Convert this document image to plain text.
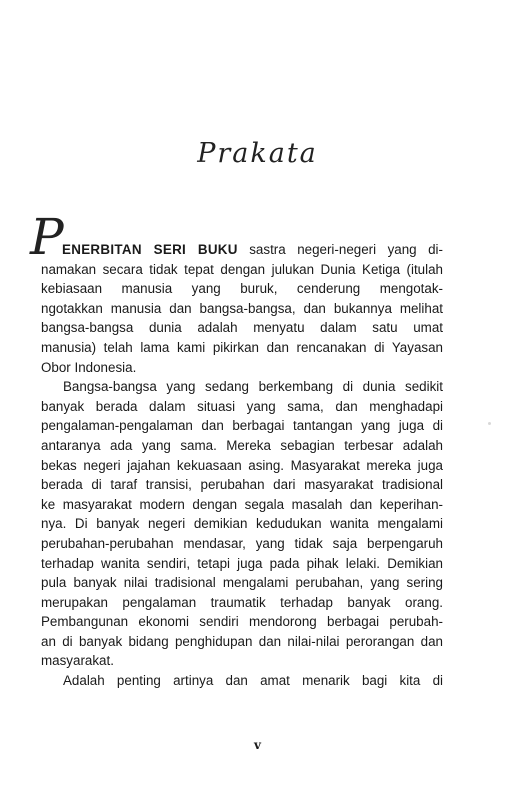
Prakata
P

ENERBITAN SERI BUKU sastra negeri-negeri yang di-
namakan secara tidak tepat dengan julukan Dunia Ketiga (itulah
kebiasaan manusia yang buruk, cenderung mengotak-
ngotakkan manusia dan bangsa-bangsa, dan bukannya melihat
bangsa-bangsa dunia adalah menyatu dalam satu umat
manusia) telah lama kami pikirkan dan rencanakan di Yayasan
Obor Indonesia.

Bangsa-bangsa yang sedang berkembang di dunia sedikit
banyak berada dalam situasi yang sama, dan menghadapi
pengalaman-pengalaman dan berbagai tantangan yang juga di
antaranya ada yang sama. Mereka sebagian terbesar adalah
bekas negeri jajahan kekuasaan asing. Masyarakat mereka juga
berada di taraf transisi, perubahan dari masyarakat tradisional
ke masyarakat modern dengan segala masalah dan keperihan-
nya. Di banyak negeri demikian kedudukan wanita mengalami
perubahan-perubahan mendasar, yang tidak saja berpengaruh
terhadap wanita sendiri, tetapi juga pada pihak lelaki. Demikian
pula banyak nilai tradisional mengalami perubahan, yang sering
merupakan pengalaman traumatik terhadap banyak orang.
Pembangunan ekonomi sendiri mendorong berbagai perubah-
an di banyak bidang penghidupan dan nilai-nilai perorangan dan
masyarakat.

Adalah penting artinya dan amat menarik bagi kita di

v
